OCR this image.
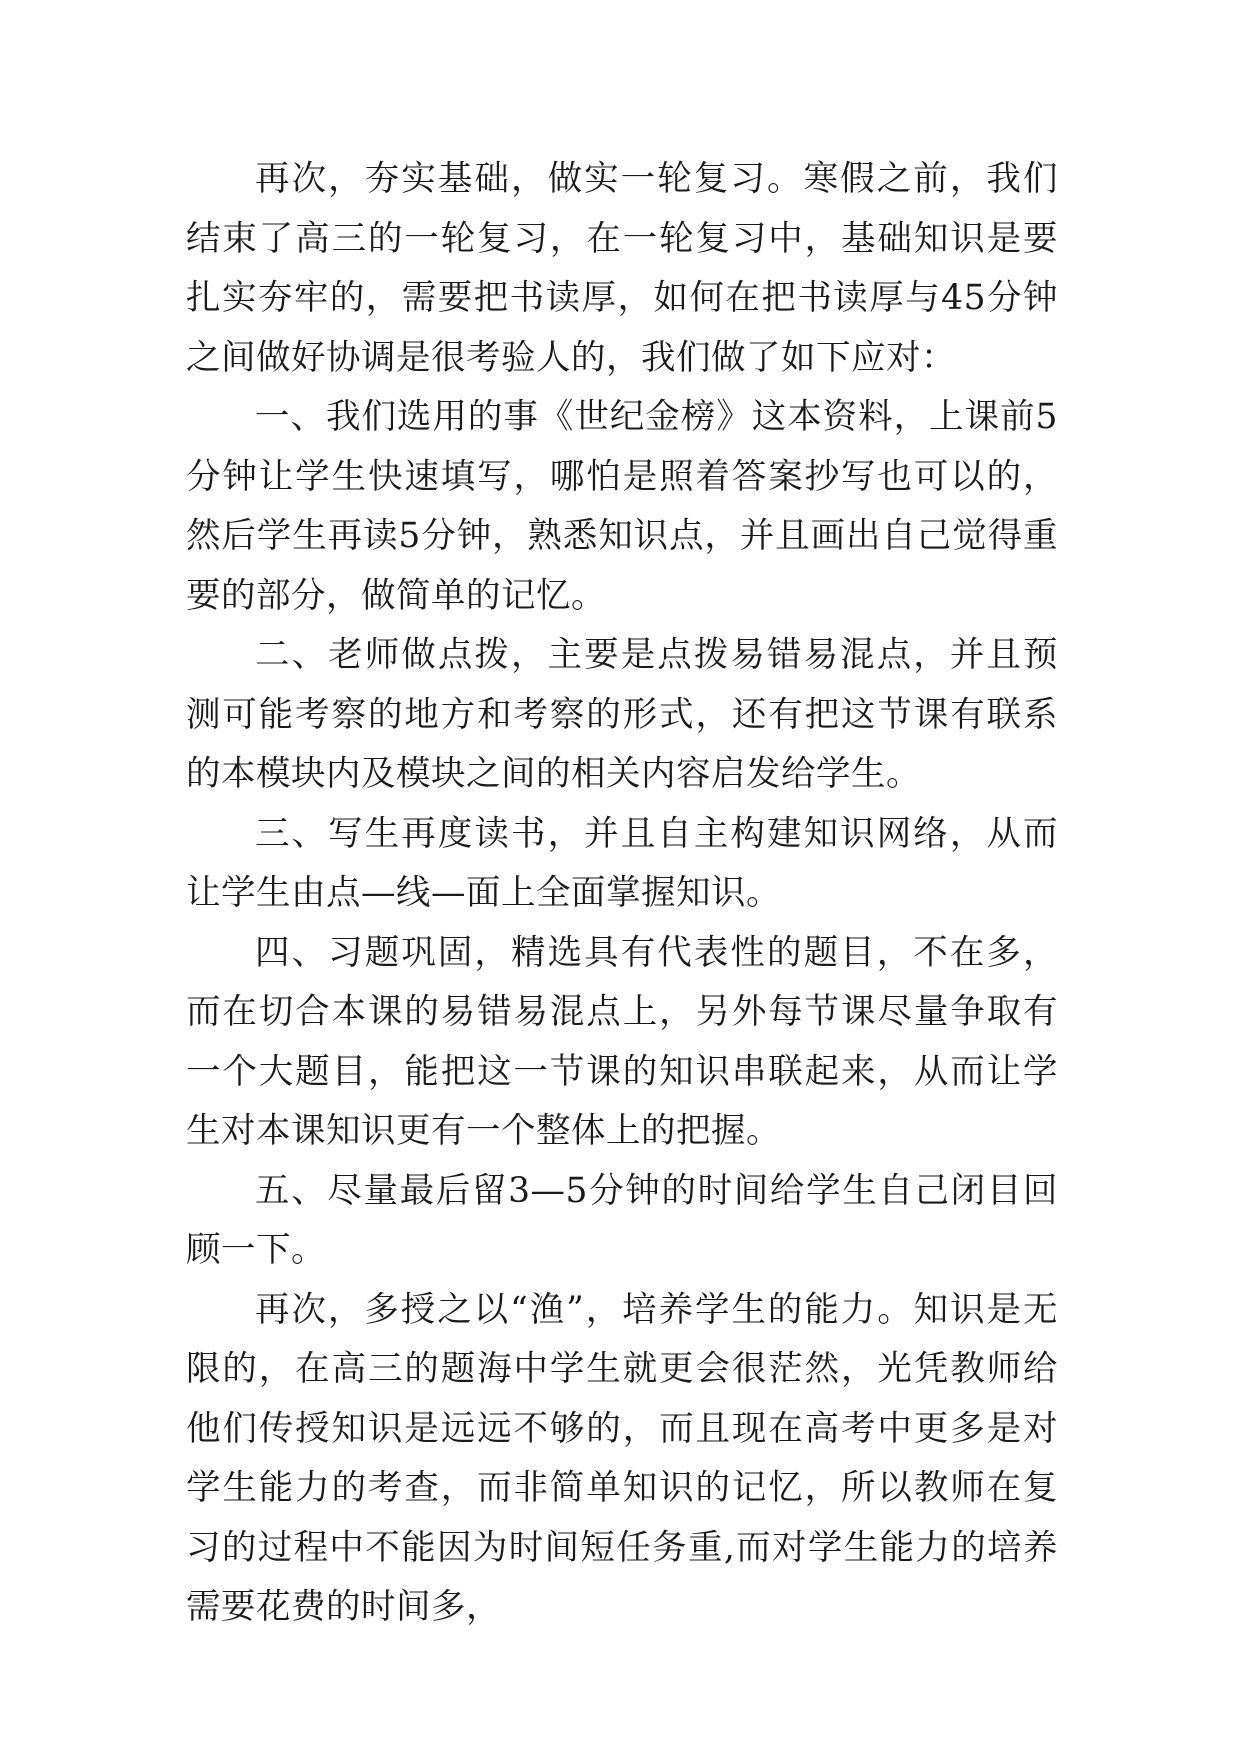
再次，夯实基础，做实一轮复习。寒假之前，我们结束了高三的一轮复习，在一轮复习中，基础知识是要扎实夯牢的，需要把书读厚，如何在把书读厚与45分钟之间做好协调是很考验人的，我们做了如下应对：

一、我们选用的事《世纪金榜》这本资料，上课前5分钟让学生快速填写，哪怕是照着答案抄写也可以的，然后学生再读5分钟，熟悉知识点，并且画出自己觉得重要的部分，做简单的记忆。

二、老师做点拨，主要是点拨易错易混点，并且预测可能考察的地方和考察的形式，还有把这节课有联系的本模块内及模块之间的相关内容启发给学生。

三、写生再度读书，并且自主构建知识网络，从而让学生由点—线—面上全面掌握知识。

四、习题巩固，精选具有代表性的题目，不在多，而在切合本课的易错易混点上，另外每节课尽量争取有一个大题目，能把这一节课的知识串联起来，从而让学生对本课知识更有一个整体上的把握。

五、尽量最后留3—5分钟的时间给学生自己闭目回顾一下。

再次，多授之以“渔”，培养学生的能力。知识是无限的，在高三的题海中学生就更会很茫然，光凭教师给他们传授知识是远远不够的，而且现在高考中更多是对学生能力的考查，而非简单知识的记忆，所以教师在复习的过程中不能因为时间短任务重,而对学生能力的培养需要花费的时间多，
